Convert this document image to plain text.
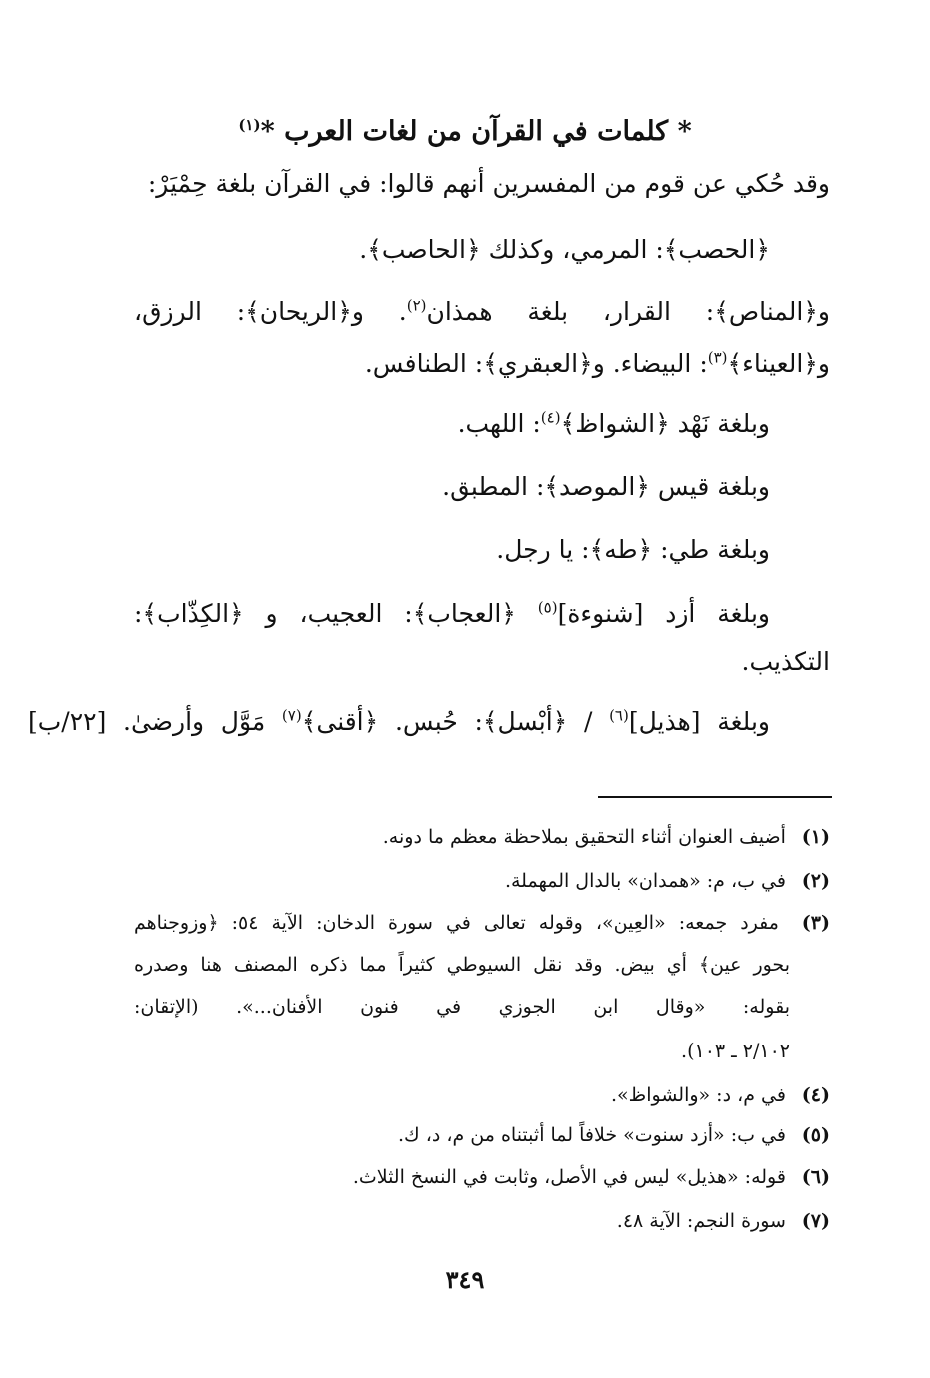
* كلمات في القرآن من لغات العرب *$^{(١)}$
وقد حُكي عن قوم من المفسرين أنهم قالوا: في القرآن بلغة حِمْيَرْ:
﴿الحصب﴾: المرمي، وكذلك ﴿الحاصب﴾.
و﴿المناص﴾: القرار، بلغة همذان$^{(٢)}$. و﴿الريحان﴾: الرزق،
و﴿العيناء﴾$^{(٣)}$: البيضاء. و﴿العبقري﴾: الطنافس.
وبلغة نَهْد ﴿الشواظ﴾$^{(٤)}$: اللهب.
وبلغة قيس ﴿الموصد﴾: المطبق.
وبلغة طي: ﴿طه﴾: يا رجل.
وبلغة أزد [شنوءة]$^{(٥)}$ ﴿العجاب﴾: العجيب، و ﴿الكِذّاب﴾:
التكذيب.
وبلغة [هذيل]$^{(٦)}$ / ﴿أبْسل﴾: حُبس. ﴿أقنى﴾$^{(٧)}$ مَوَّل وأرضىٰ. [٢٢/ب]
(١) أضيف العنوان أثناء التحقيق بملاحظة معظم ما دونه.
(٢) في ب، م: «همدان» بالدال المهملة.
(٣) مفرد جمعه: «العِين»، وقوله تعالى في سورة الدخان: الآية ٥٤: ﴿وزوجناهم
بحور عين﴾ أي بيض. وقد نقل السيوطي كثيراً مما ذكره المصنف هنا وصدره
بقوله: «وقال ابن الجوزي في فنون الأفنان...». (الإتقان:
٢/١٠٢ ـ ١٠٣).
(٤) في م، د: «والشواظ».
(٥) في ب: «أزد سنوت» خلافاً لما أثبتناه من م، د، ك.
(٦) قوله: «هذيل» ليس في الأصل، وثابت في النسخ الثلاث.
(٧) سورة النجم: الآية ٤٨.
٣٤٩
